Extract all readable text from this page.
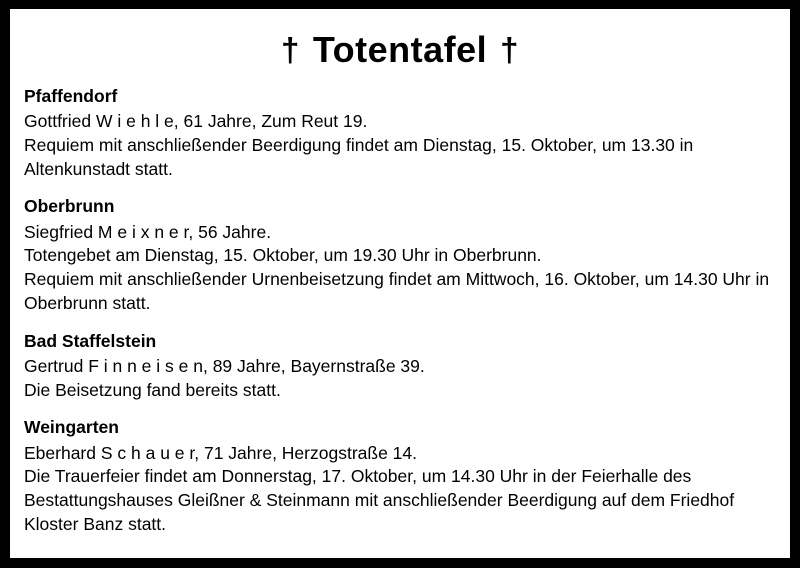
† Totentafel †
Pfaffendorf
Gottfried W i e h l e, 61 Jahre, Zum Reut 19.
Requiem mit anschließender Beerdigung findet am Dienstag, 15. Oktober, um 13.30 in Altenkunstadt statt.
Oberbrunn
Siegfried M e i x n e r, 56 Jahre.
Totengebet am Dienstag, 15. Oktober, um 19.30 Uhr in Oberbrunn.
Requiem mit anschließender Urnenbeisetzung findet am Mittwoch, 16. Oktober, um 14.30 Uhr in Oberbrunn statt.
Bad Staffelstein
Gertrud F i n n e i s e n, 89 Jahre, Bayernstraße 39.
Die Beisetzung fand bereits statt.
Weingarten
Eberhard S c h a u e r, 71 Jahre, Herzogstraße 14.
Die Trauerfeier findet am Donnerstag, 17. Oktober, um 14.30 Uhr in der Feierhalle des Bestattungshauses Gleißner & Steinmann mit anschließender Beerdigung auf dem Friedhof Kloster Banz statt.
